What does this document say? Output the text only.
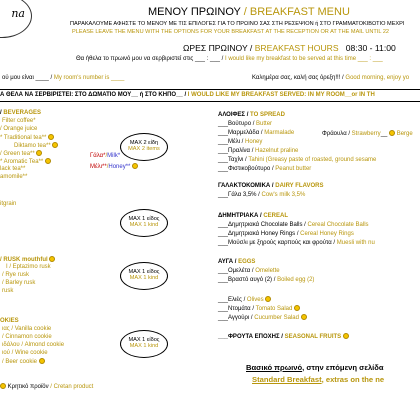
na	ΜΕΝΟΥ ΠΡΩΙΝΟΥ / BREAKFAST MENU
ΠΑΡΑΚΑΛΟΥΜΕ ΑΦΗΣΤΕ ΤΟ ΜΕΝΟΥ ΜΕ ΤΙΣ ΕΠΙΛΟΓΕΣ ΓΙΑ ΤΟ ΠΡΩΙΝΟ ΣΑΣ ΣΤΗ ΡΕΣΕΨΙΟΝ ή ΣΤΟ ΓΡΑΜΜΑΤΟΚΙΒΩΤΙΟ ΜΕΧΡΙ
PLEASE LEAVE THE MENU WITH THE OPTIONS FOR YOUR BREAKFAST AT THE RECEPTION OR AT THE MAIL UNTIL 22
ΩΡΕΣ ΠΡΩΙΝΟΥ / BREAKFAST HOURS 08:30 - 11:00
Θα ήθελα το πρωινό μου να σερβιριστεί στις ___ : ___ / I would like my breakfast to be served at this time ___ : ___
ού μου είναι ____ / My room's number is ____	Καλημέρα σας, καλή σας όρεξη!!! / Good morning, enjoy yo
Α ΘΕΛΑ ΝΑ ΣΕΡΒΙΡΙΣΤΕΙ: ΣΤΟ ΔΩΜΑΤΙΟ ΜΟΥ__ ή ΣΤΟ ΚΗΠΟ__ / I WOULD LIKE MY BREAKFAST SERVED: IN MY ROOM__or IN TH
/ BEVERAGES
Filter coffee*
/ Orange juice
* Traditional tea**
Diktamo tea**
/ Green tea**
* Aromatic Tea**
lack tea**
amomile**
Γάλα*/Milk*
Μέλι**/Honey**
itgrain
/ RUSK mouthful
Ι / Eptazimo rusk
/ Rye rusk
/ Barley rusk
rusk
OKIES
ιας / Vanilla cookie
/ Cinnamon cookie
ιδάλου / Almond cookie
ιού / Wine cookie
/ Beer cookie
Κρητικό προϊόν / Cretan product
MAX 2 είδη
MAX 2 items
MAX 1 είδος
MAX 1 kind
MAX 1 είδος
MAX 1 kind
MAX 1 είδος
MAX 1 kind
ΑΛΟΙΦΕΣ / TO SPREAD
___Βούτυρο / Butter
___Μαρμελάδα / Marmalade	Φράουλα / Strawberry__  Berge
___Μέλι / Honey
___Πραλίνα / Hazelnut praline
___Ταχίνι / Tahini (Greasy paste of roasted, ground sesame
___Φιστικοβούτυρο / Peanut butter
ΓΑΛΑΚΤΟΚΟΜΙΚΑ / DAIRY FLAVORS
___Γάλα 3,5% / Cow's milk 3,5%
ΔΗΜΗΤΡΙΑΚΑ / CEREAL
___Δημητριακά Chocolate Balls / Cereal Chocolate Balls
___Δημητριακά Honey Rings / Cereal Honey Rings
___Μούσλι με ξηρούς καρπούς και φρούτα / Muesli with nu
ΑΥΓΑ / EGGS
___Ομελέτα / Omelette
___Βραστό αυγό (2) / Boiled egg (2)
___Ελιές / Olives
___Ντομάτα / Tomato Salad
___Αγγούρι / Cucumber Salad
___ΦΡΟΥΤΑ ΕΠΟΧΗΣ / SEASONAL FRUITS
Βασικό πρωινό, στην επόμενη σελίδα
Standard Breakfast, extras on the ne
